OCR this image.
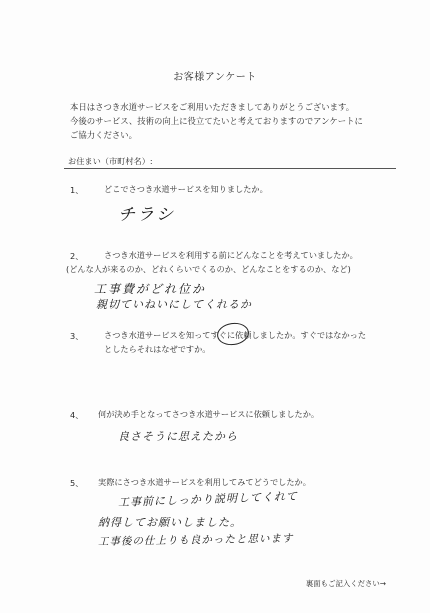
お客様アンケート
本日はさつき水道サービスをご利用いただきましてありがとうございます。
今後のサービス、技術の向上に役立てたいと考えておりますのでアンケートに
ご協力ください。
お住まい（市町村名）:
1、	どこでさつき水道サービスを知りましたか。
チラシ
2、	さつき水道サービスを利用する前にどんなことを考えていましたか。
(どんな人が来るのか、どれくらいでくるのか、どんなことをするのか、など)
工事費がどれ位か
親切ていねいにしてくれるか
3、	さつき水道サービスを知ってすぐに依頼しましたか。すぐではなかった
としたらそれはなぜですか。
4、 何が決め手となってさつき水道サービスに依頼しましたか。
良さそうに思えたから
5、 実際にさつき水道サービスを利用してみてどうでしたか。
工事前にしっかり説明してくれて
納得してお願いしました。
工事後の仕上りも良かったと思います
裏面もご記入ください→
